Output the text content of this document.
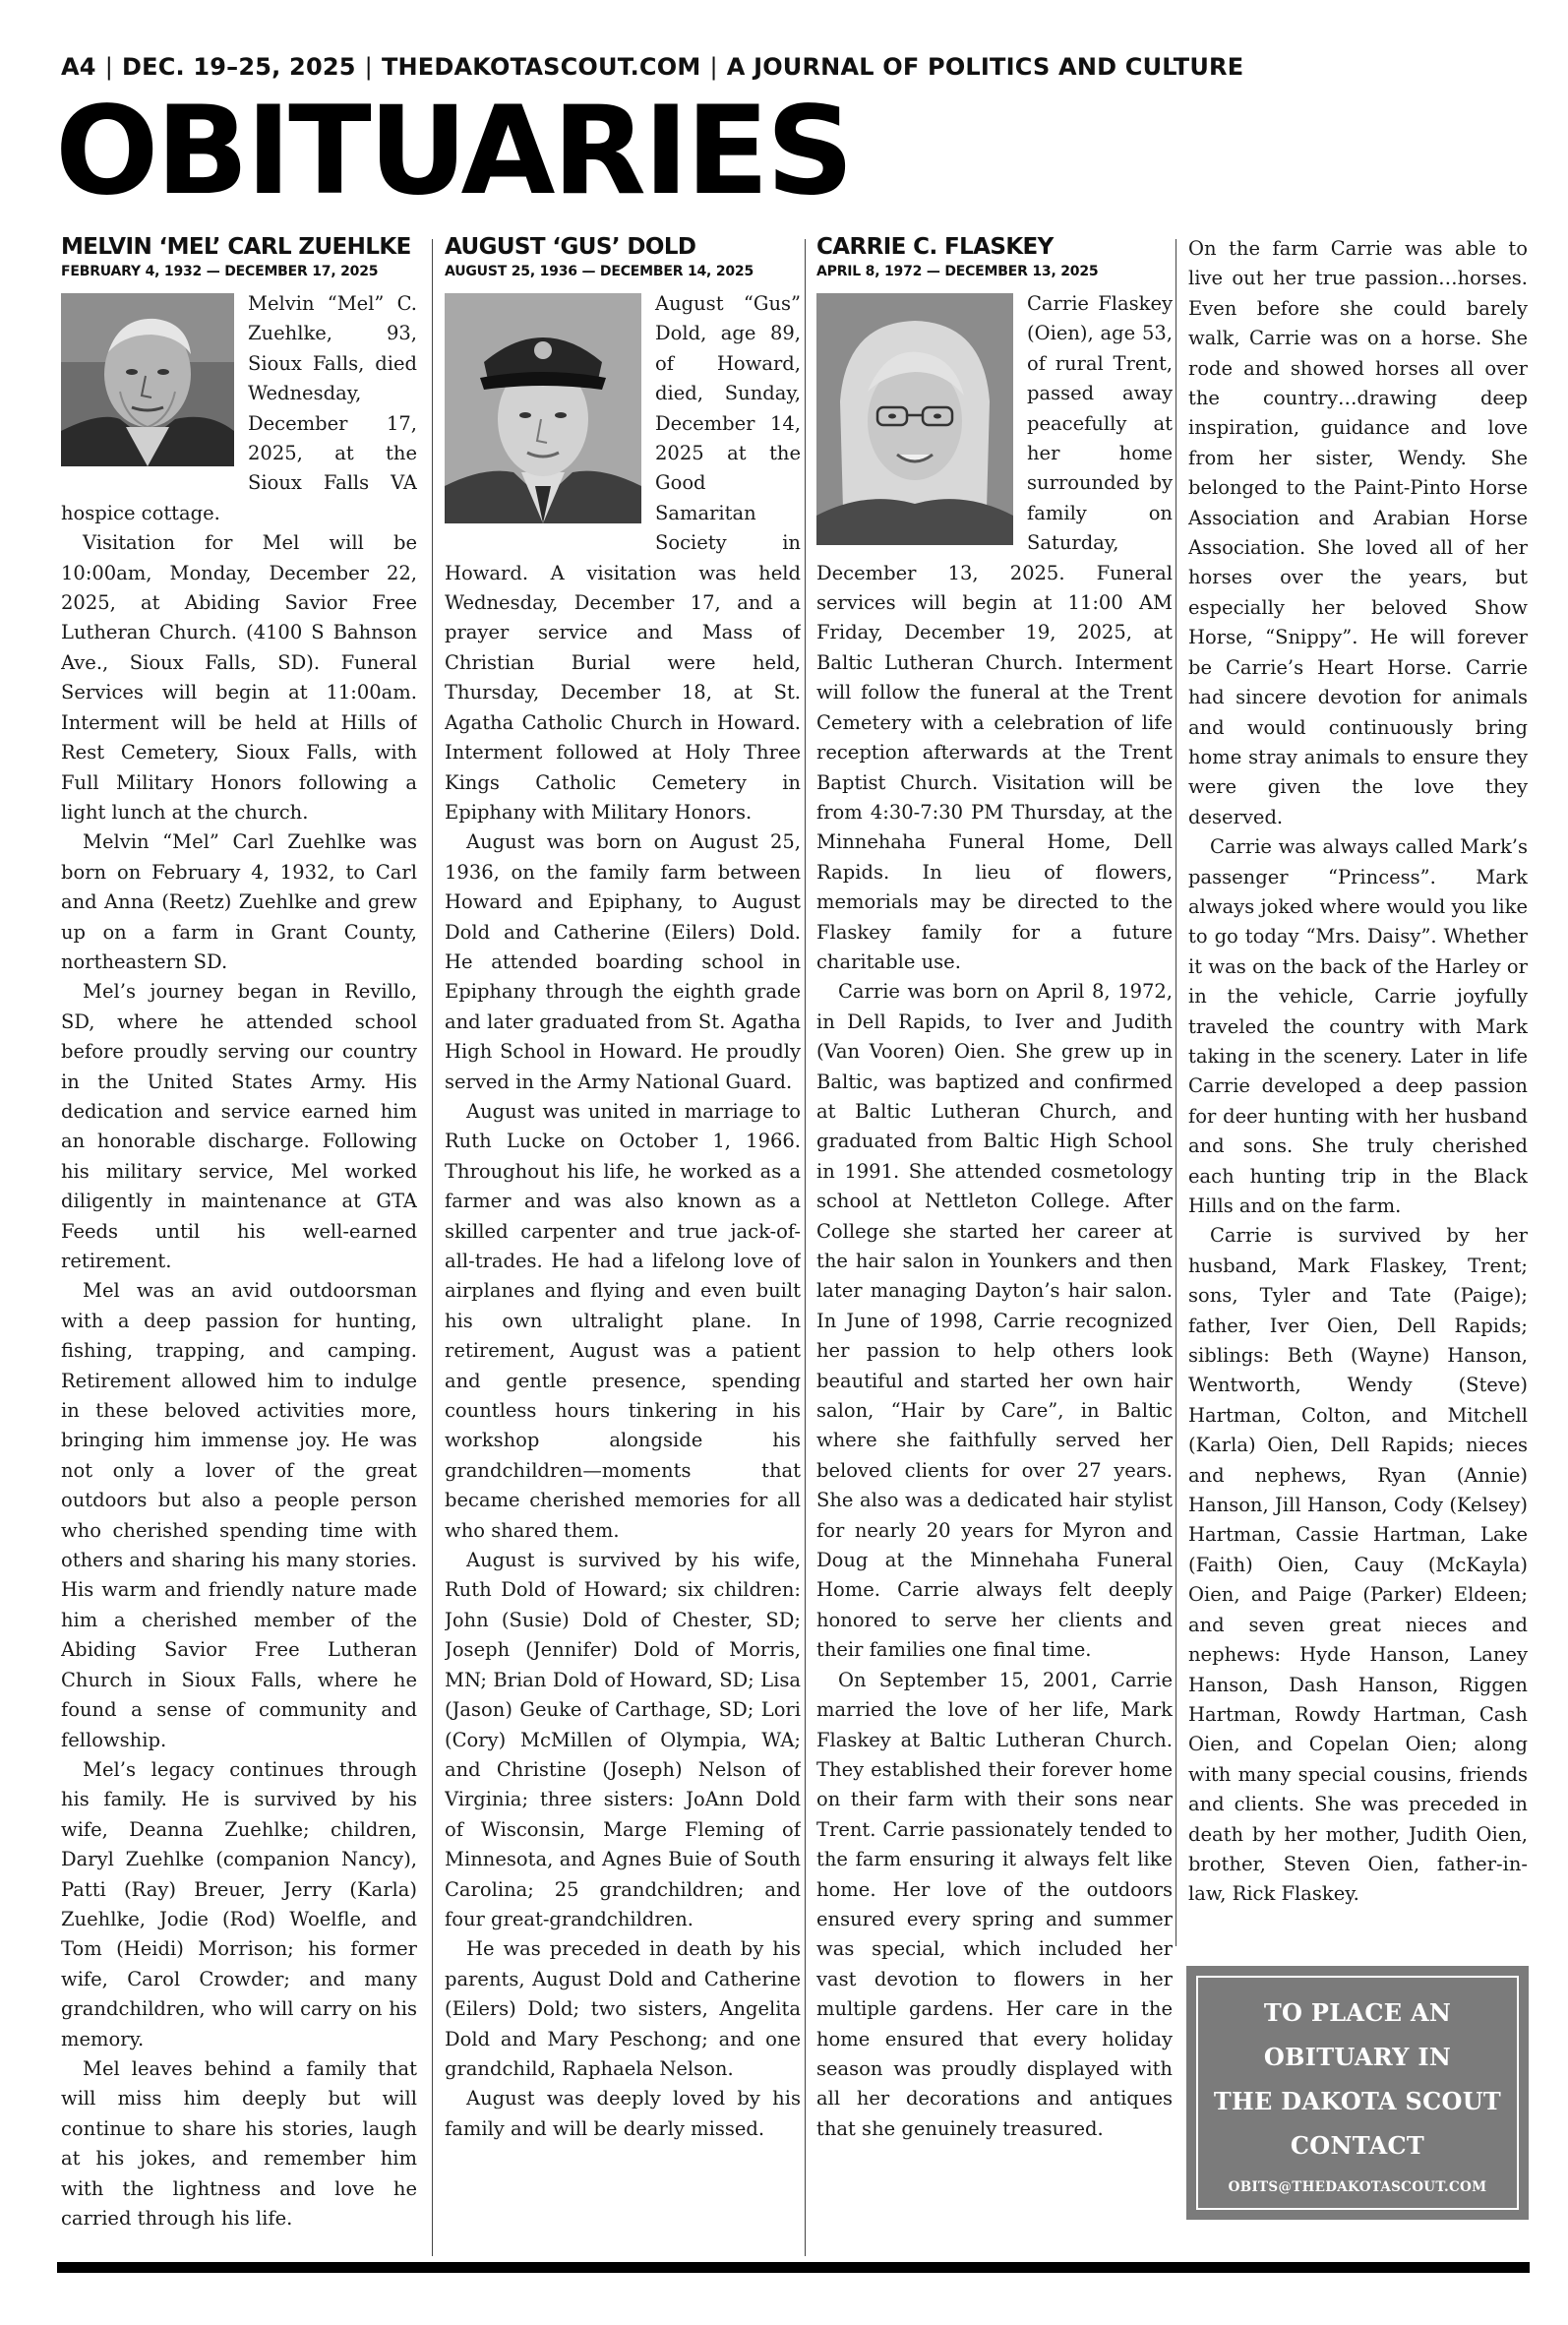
A4 | DEC. 19–25, 2025 | THEDAKOTASCOUT.COM | A JOURNAL OF POLITICS AND CULTURE
OBITUARIES
MELVIN ‘MEL’ CARL ZUEHLKE
FEBRUARY 4, 1932 — DECEMBER 17, 2025

Melvin “Mel” C. Zuehlke, 93, Sioux Falls, died Wednesday, December 17, 2025, at the Sioux Falls VA hospice cottage.

Visitation for Mel will be 10:00am, Monday, December 22, 2025, at Abiding Savior Free Lutheran Church. (4100 S Bahnson Ave., Sioux Falls, SD). Funeral Services will begin at 11:00am. Interment will be held at Hills of Rest Cemetery, Sioux Falls, with Full Military Honors following a light lunch at the church.

Melvin “Mel” Carl Zuehlke was born on February 4, 1932, to Carl and Anna (Reetz) Zuehlke and grew up on a farm in Grant County, northeastern SD.

Mel’s journey began in Revillo, SD, where he attended school before proudly serving our country in the United States Army. His dedication and service earned him an honorable discharge. Following his military service, Mel worked diligently in maintenance at GTA Feeds until his well-earned retirement.

Mel was an avid outdoorsman with a deep passion for hunting, fishing, trapping, and camping. Retirement allowed him to indulge in these beloved activities more, bringing him immense joy. He was not only a lover of the great outdoors but also a people person who cherished spending time with others and sharing his many stories. His warm and friendly nature made him a cherished member of the Abiding Savior Free Lutheran Church in Sioux Falls, where he found a sense of community and fellowship.

Mel’s legacy continues through his family. He is survived by his wife, Deanna Zuehlke; children, Daryl Zuehlke (companion Nancy), Patti (Ray) Breuer, Jerry (Karla) Zuehlke, Jodie (Rod) Woelfle, and Tom (Heidi) Morrison; his former wife, Carol Crowder; and many grandchildren, who will carry on his memory.

Mel leaves behind a family that will miss him deeply but will continue to share his stories, laugh at his jokes, and remember him with the lightness and love he carried through his life.

AUGUST ‘GUS’ DOLD
AUGUST 25, 1936 — DECEMBER 14, 2025

August “Gus” Dold, age 89, of Howard, died, Sunday, December 14, 2025 at the Good Samaritan Society in Howard. A visitation was held Wednesday, December 17, and a prayer service and Mass of Christian Burial were held, Thursday, December 18, at St. Agatha Catholic Church in Howard. Interment followed at Holy Three Kings Catholic Cemetery in Epiphany with Military Honors.

August was born on August 25, 1936, on the family farm between Howard and Epiphany, to August Dold and Catherine (Eilers) Dold. He attended boarding school in Epiphany through the eighth grade and later graduated from St. Agatha High School in Howard. He proudly served in the Army National Guard.

August was united in marriage to Ruth Lucke on October 1, 1966. Throughout his life, he worked as a farmer and was also known as a skilled carpenter and true jack-of-all-trades. He had a lifelong love of airplanes and flying and even built his own ultralight plane. In retirement, August was a patient and gentle presence, spending countless hours tinkering in his workshop alongside his grandchildren—moments that became cherished memories for all who shared them.

August is survived by his wife, Ruth Dold of Howard; six children: John (Susie) Dold of Chester, SD; Joseph (Jennifer) Dold of Morris, MN; Brian Dold of Howard, SD; Lisa (Jason) Geuke of Carthage, SD; Lori (Cory) McMillen of Olympia, WA; and Christine (Joseph) Nelson of Virginia; three sisters: JoAnn Dold of Wisconsin, Marge Fleming of Minnesota, and Agnes Buie of South Carolina; 25 grandchildren; and four great-grandchildren.

He was preceded in death by his parents, August Dold and Catherine (Eilers) Dold; two sisters, Angelita Dold and Mary Peschong; and one grandchild, Raphaela Nelson.

August was deeply loved by his family and will be dearly missed.

CARRIE C. FLASKEY
APRIL 8, 1972 — DECEMBER 13, 2025

Carrie Flaskey (Oien), age 53, of rural Trent, passed away peacefully at her home surrounded by family on Saturday, December 13, 2025. Funeral services will begin at 11:00 AM Friday, December 19, 2025, at Baltic Lutheran Church. Interment will follow the funeral at the Trent Cemetery with a celebration of life reception afterwards at the Trent Baptist Church. Visitation will be from 4:30-7:30 PM Thursday, at the Minnehaha Funeral Home, Dell Rapids. In lieu of flowers, memorials may be directed to the Flaskey family for a future charitable use.

Carrie was born on April 8, 1972, in Dell Rapids, to Iver and Judith (Van Vooren) Oien. She grew up in Baltic, was baptized and confirmed at Baltic Lutheran Church, and graduated from Baltic High School in 1991. She attended cosmetology school at Nettleton College. After College she started her career at the hair salon in Younkers and then later managing Dayton’s hair salon. In June of 1998, Carrie recognized her passion to help others look beautiful and started her own hair salon, “Hair by Care”, in Baltic where she faithfully served her beloved clients for over 27 years. She also was a dedicated hair stylist for nearly 20 years for Myron and Doug at the Minnehaha Funeral Home. Carrie always felt deeply honored to serve her clients and their families one final time.

On September 15, 2001, Carrie married the love of her life, Mark Flaskey at Baltic Lutheran Church. They established their forever home on their farm with their sons near Trent. Carrie passionately tended to the farm ensuring it always felt like home. Her love of the outdoors ensured every spring and summer was special, which included her vast devotion to flowers in her multiple gardens. Her care in the home ensured that every holiday season was proudly displayed with all her decorations and antiques that she genuinely treasured.

On the farm Carrie was able to live out her true passion…horses. Even before she could barely walk, Carrie was on a horse. She rode and showed horses all over the country…drawing deep inspiration, guidance and love from her sister, Wendy. She belonged to the Paint-Pinto Horse Association and Arabian Horse Association. She loved all of her horses over the years, but especially her beloved Show Horse, “Snippy”. He will forever be Carrie’s Heart Horse. Carrie had sincere devotion for animals and would continuously bring home stray animals to ensure they were given the love they deserved.

Carrie was always called Mark’s passenger “Princess”. Mark always joked where would you like to go today “Mrs. Daisy”. Whether it was on the back of the Harley or in the vehicle, Carrie joyfully traveled the country with Mark taking in the scenery. Later in life Carrie developed a deep passion for deer hunting with her husband and sons. She truly cherished each hunting trip in the Black Hills and on the farm.

Carrie is survived by her husband, Mark Flaskey, Trent; sons, Tyler and Tate (Paige); father, Iver Oien, Dell Rapids; siblings: Beth (Wayne) Hanson, Wentworth, Wendy (Steve) Hartman, Colton, and Mitchell (Karla) Oien, Dell Rapids; nieces and nephews, Ryan (Annie) Hanson, Jill Hanson, Cody (Kelsey) Hartman, Cassie Hartman, Lake (Faith) Oien, Cauy (McKayla) Oien, and Paige (Parker) Eldeen; and seven great nieces and nephews: Hyde Hanson, Laney Hanson, Dash Hanson, Riggen Hartman, Rowdy Hartman, Cash Oien, and Copelan Oien; along with many special cousins, friends and clients. She was preceded in death by her mother, Judith Oien, brother, Steven Oien, father-in-law, Rick Flaskey.

TO PLACE AN
OBITUARY IN
THE DAKOTA SCOUT
CONTACT
OBITS@THEDAKOTASCOUT.COM
